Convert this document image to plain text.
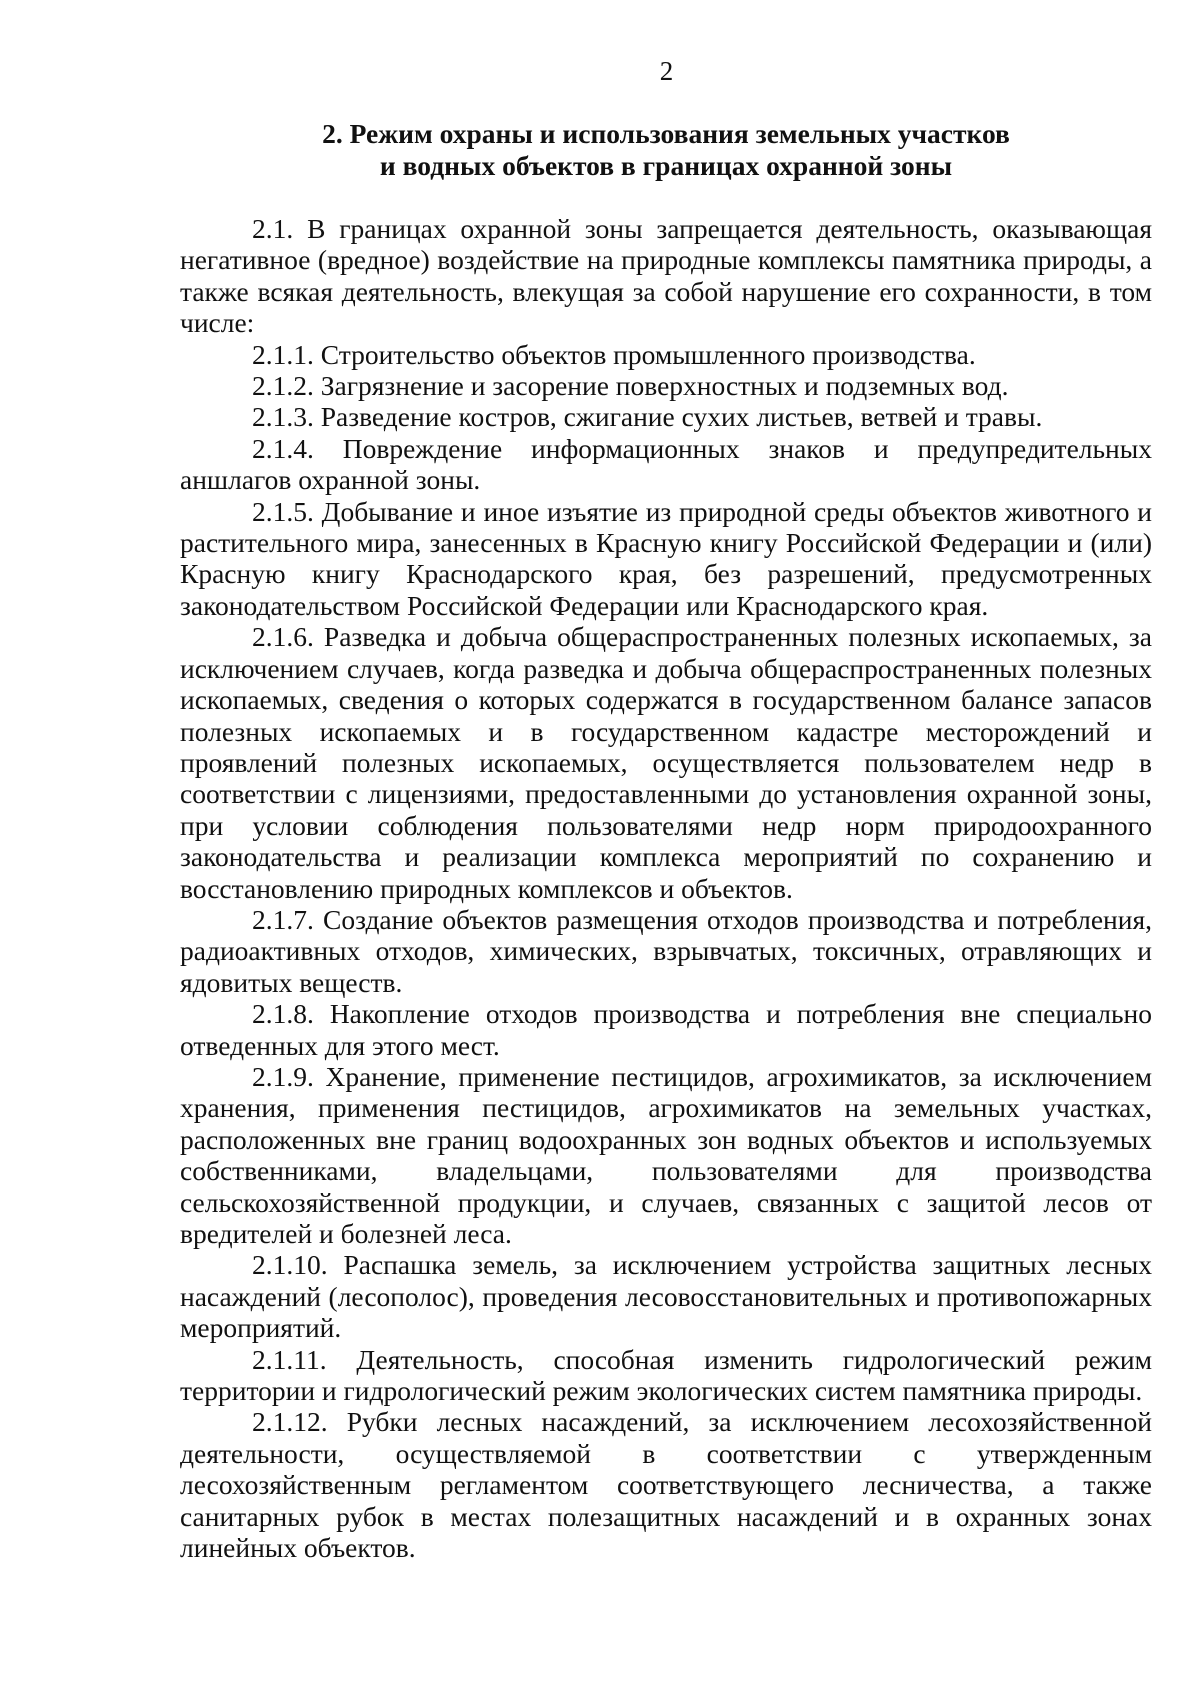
2
2. Режим охраны и использования земельных участков
и водных объектов в границах охранной зоны

2.1. В границах охранной зоны запрещается деятельность, оказывающая негативное (вредное) воздействие на природные комплексы памятника природы, а также всякая деятельность, влекущая за собой нарушение его сохранности, в том числе:

2.1.1. Строительство объектов промышленного производства.

2.1.2. Загрязнение и засорение поверхностных и подземных вод.

2.1.3. Разведение костров, сжигание сухих листьев, ветвей и травы.

2.1.4. Повреждение информационных знаков и предупредительных аншлагов охранной зоны.

2.1.5. Добывание и иное изъятие из природной среды объектов животного и растительного мира, занесенных в Красную книгу Российской Федерации и (или) Красную книгу Краснодарского края, без разрешений, предусмотренных законодательством Российской Федерации или Краснодарского края.

2.1.6. Разведка и добыча общераспространенных полезных ископаемых, за исключением случаев, когда разведка и добыча общераспространенных полезных ископаемых, сведения о которых содержатся в государственном балансе запасов полезных ископаемых и в государственном кадастре месторождений и проявлений полезных ископаемых, осуществляется пользователем недр в соответствии с лицензиями, предоставленными до установления охранной зоны, при условии соблюдения пользователями недр норм природоохранного законодательства и реализации комплекса мероприятий по сохранению и восстановлению природных комплексов и объектов.

2.1.7. Создание объектов размещения отходов производства и потребления, радиоактивных отходов, химических, взрывчатых, токсичных, отравляющих и ядовитых веществ.

2.1.8. Накопление отходов производства и потребления вне специально отведенных для этого мест.

2.1.9. Хранение, применение пестицидов, агрохимикатов, за исключением хранения, применения пестицидов, агрохимикатов на земельных участках, расположенных вне границ водоохранных зон водных объектов и используемых собственниками, владельцами, пользователями для производства сельскохозяйственной продукции, и случаев, связанных с защитой лесов от вредителей и болезней леса.

2.1.10. Распашка земель, за исключением устройства защитных лесных насаждений (лесополос), проведения лесовосстановительных и противопожарных мероприятий.

2.1.11. Деятельность, способная изменить гидрологический режим территории и гидрологический режим экологических систем памятника природы.

2.1.12. Рубки лесных насаждений, за исключением лесохозяйственной деятельности, осуществляемой в соответствии с утвержденным лесохозяйственным регламентом соответствующего лесничества, а также санитарных рубок в местах полезащитных насаждений и в охранных зонах линейных объектов.
